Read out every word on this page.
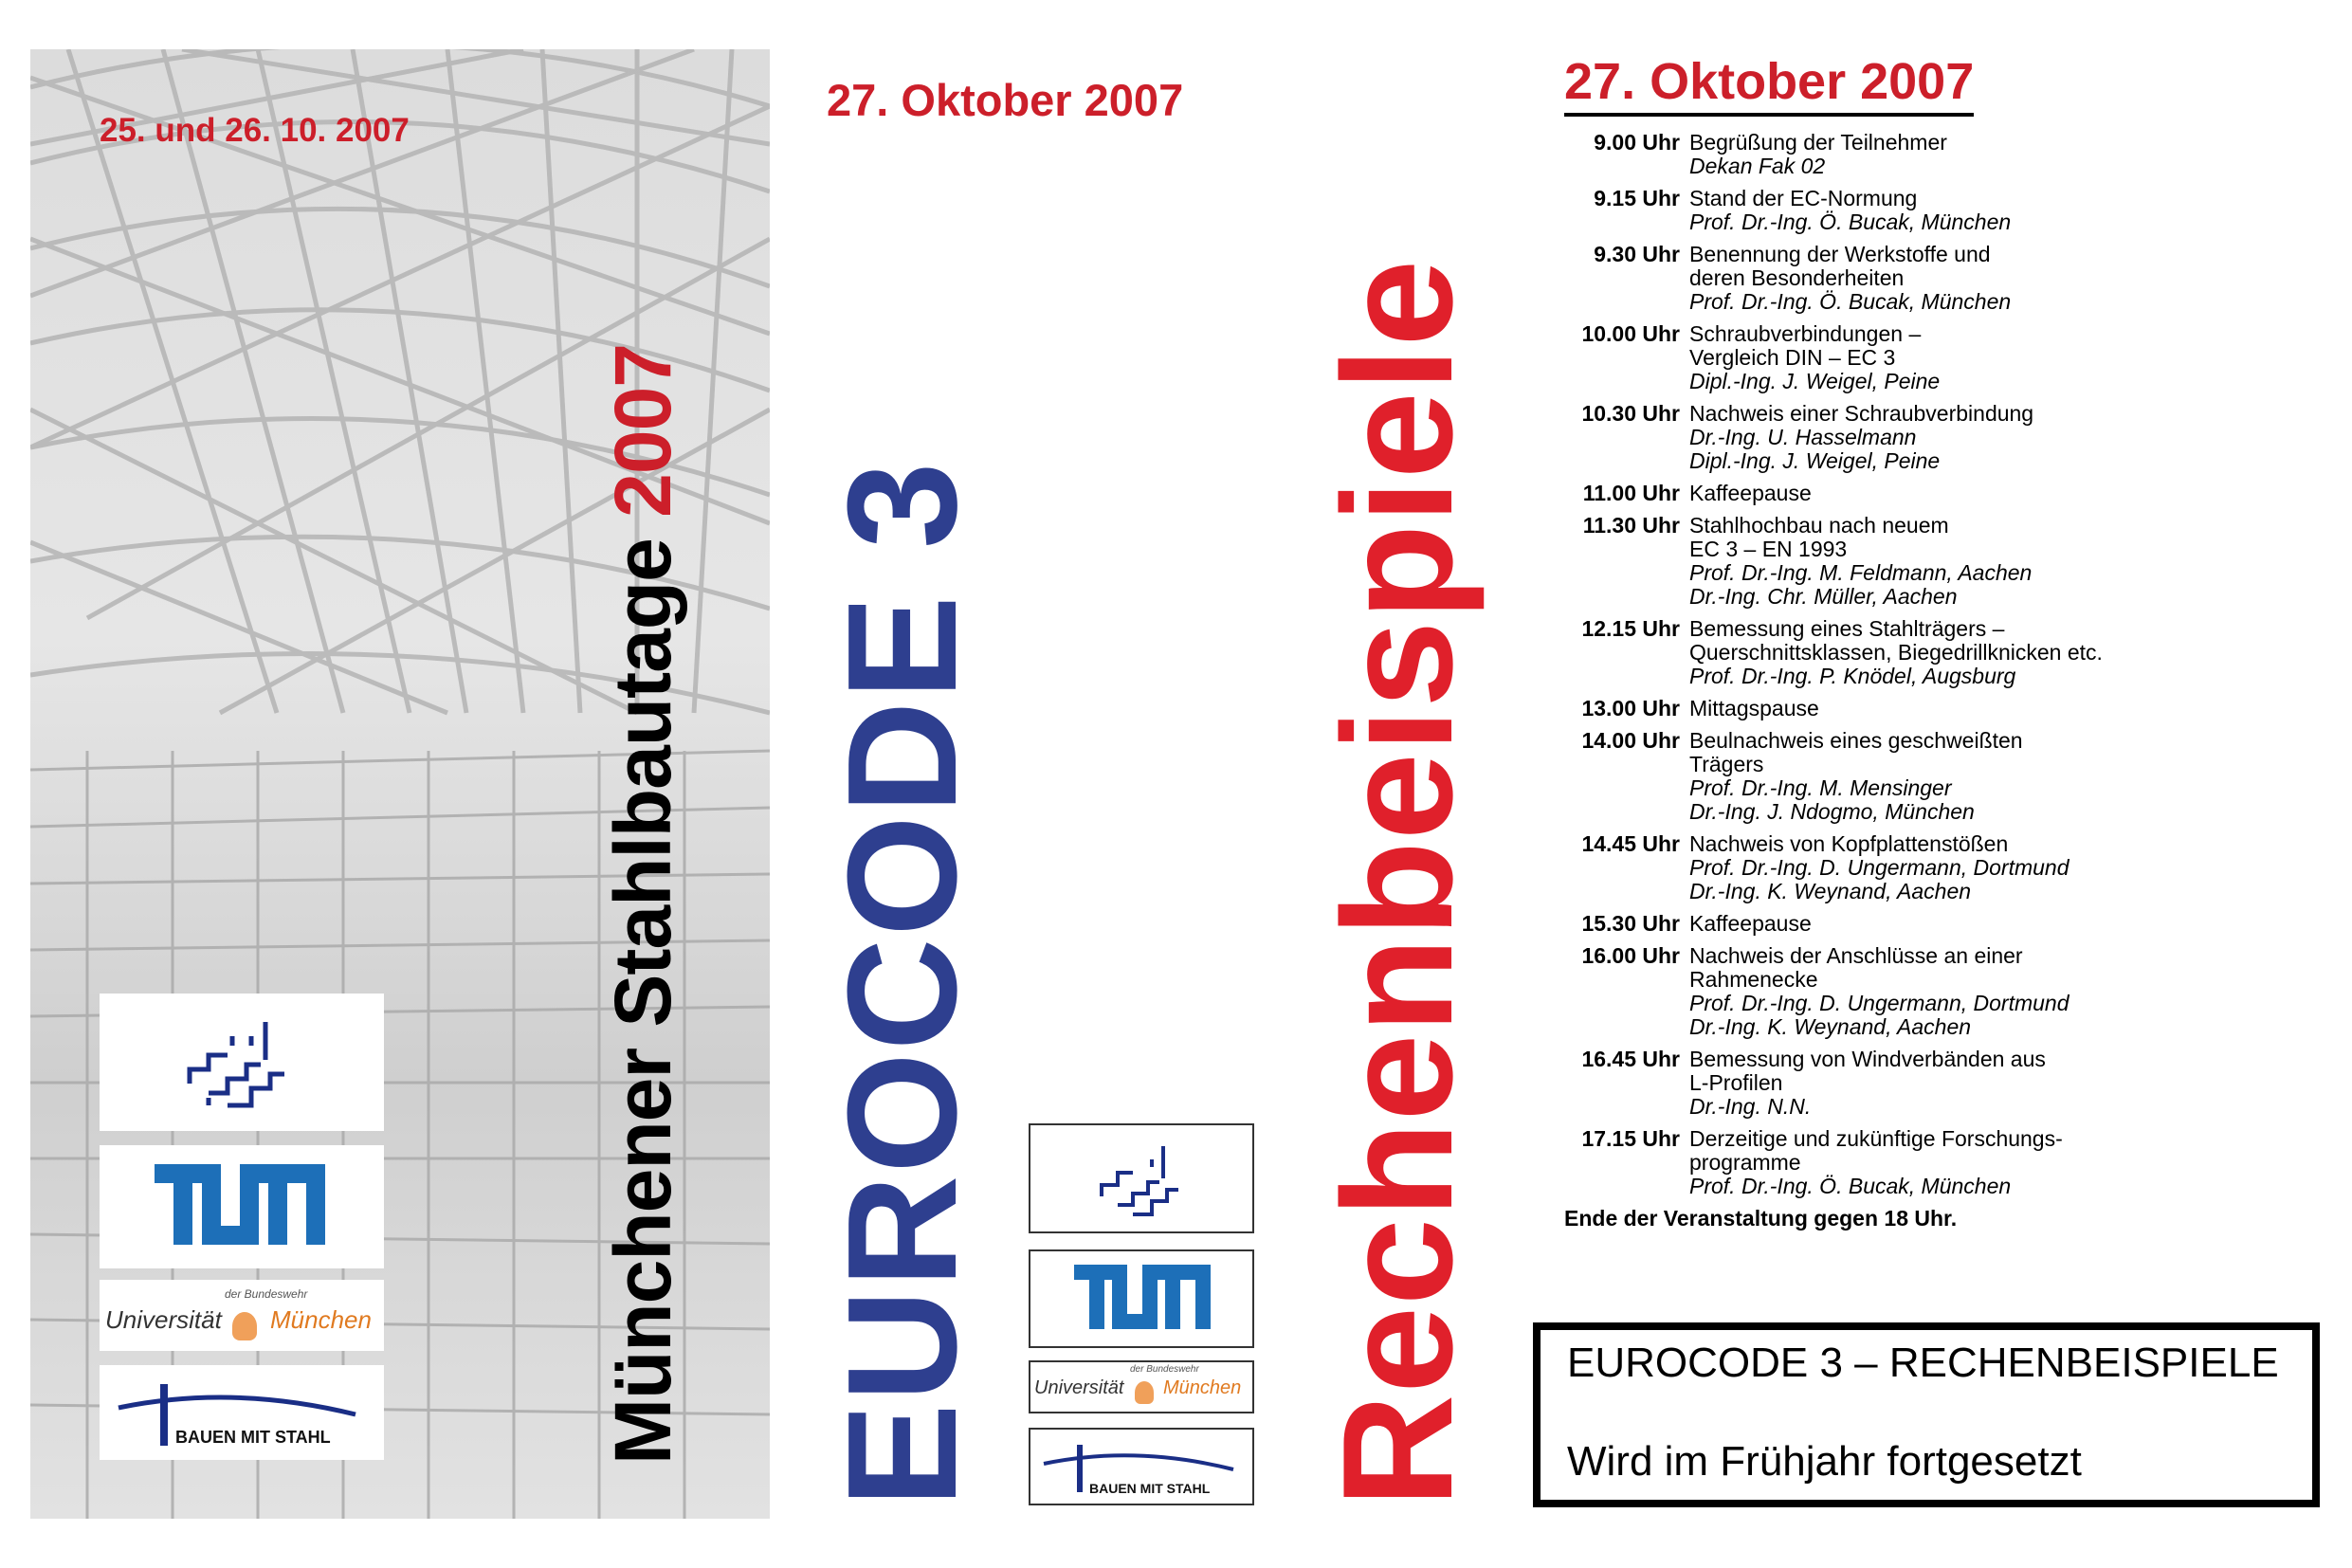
25. und 26. 10. 2007
der Bundeswehr
Universität München
BAUEN MIT STAHL	Münchener Stahlbautage 2007
27. Oktober 2007
EUROCODE 3	der Bundeswehr
Universität München
BAUEN MIT STAHL Rechenbeispiele
27. Oktober 2007
9.00 Uhr Begrüßung der Teilnehmer
Dekan Fak 02
9.15 Uhr Stand der EC-Normung
Prof. Dr.-Ing. Ö. Bucak, München
9.30 Uhr Benennung der Werkstoffe und
deren Besonderheiten
Prof. Dr.-Ing. Ö. Bucak, München
10.00 Uhr Schraubverbindungen –
Vergleich DIN – EC 3
Dipl.-Ing. J. Weigel, Peine
10.30 Uhr Nachweis einer Schraubverbindung
Dr.-Ing. U. Hasselmann
Dipl.-Ing. J. Weigel, Peine
11.00 Uhr Kaffeepause
11.30 Uhr Stahlhochbau nach neuem
EC 3 – EN 1993
Prof. Dr.-Ing. M. Feldmann, Aachen
Dr.-Ing. Chr. Müller, Aachen
12.15 Uhr Bemessung eines Stahlträgers –
Querschnittsklassen, Biegedrillknicken etc.
Prof. Dr.-Ing. P. Knödel, Augsburg
13.00 Uhr Mittagspause
14.00 Uhr Beulnachweis eines geschweißten
Trägers
Prof. Dr.-Ing. M. Mensinger
Dr.-Ing. J. Ndogmo, München
14.45 Uhr Nachweis von Kopfplattenstößen
Prof. Dr.-Ing. D. Ungermann, Dortmund
Dr.-Ing. K. Weynand, Aachen
15.30 Uhr Kaffeepause
16.00 Uhr Nachweis der Anschlüsse an einer
Rahmenecke
Prof. Dr.-Ing. D. Ungermann, Dortmund
Dr.-Ing. K. Weynand, Aachen
16.45 Uhr Bemessung von Windverbänden aus
L-Profilen
Dr.-Ing. N.N.
17.15 Uhr Derzeitige und zukünftige Forschungs-
programme
Prof. Dr.-Ing. Ö. Bucak, München
Ende der Veranstaltung gegen 18 Uhr.
EUROCODE 3 – RECHENBEISPIELE
Wird im Frühjahr fortgesetzt
